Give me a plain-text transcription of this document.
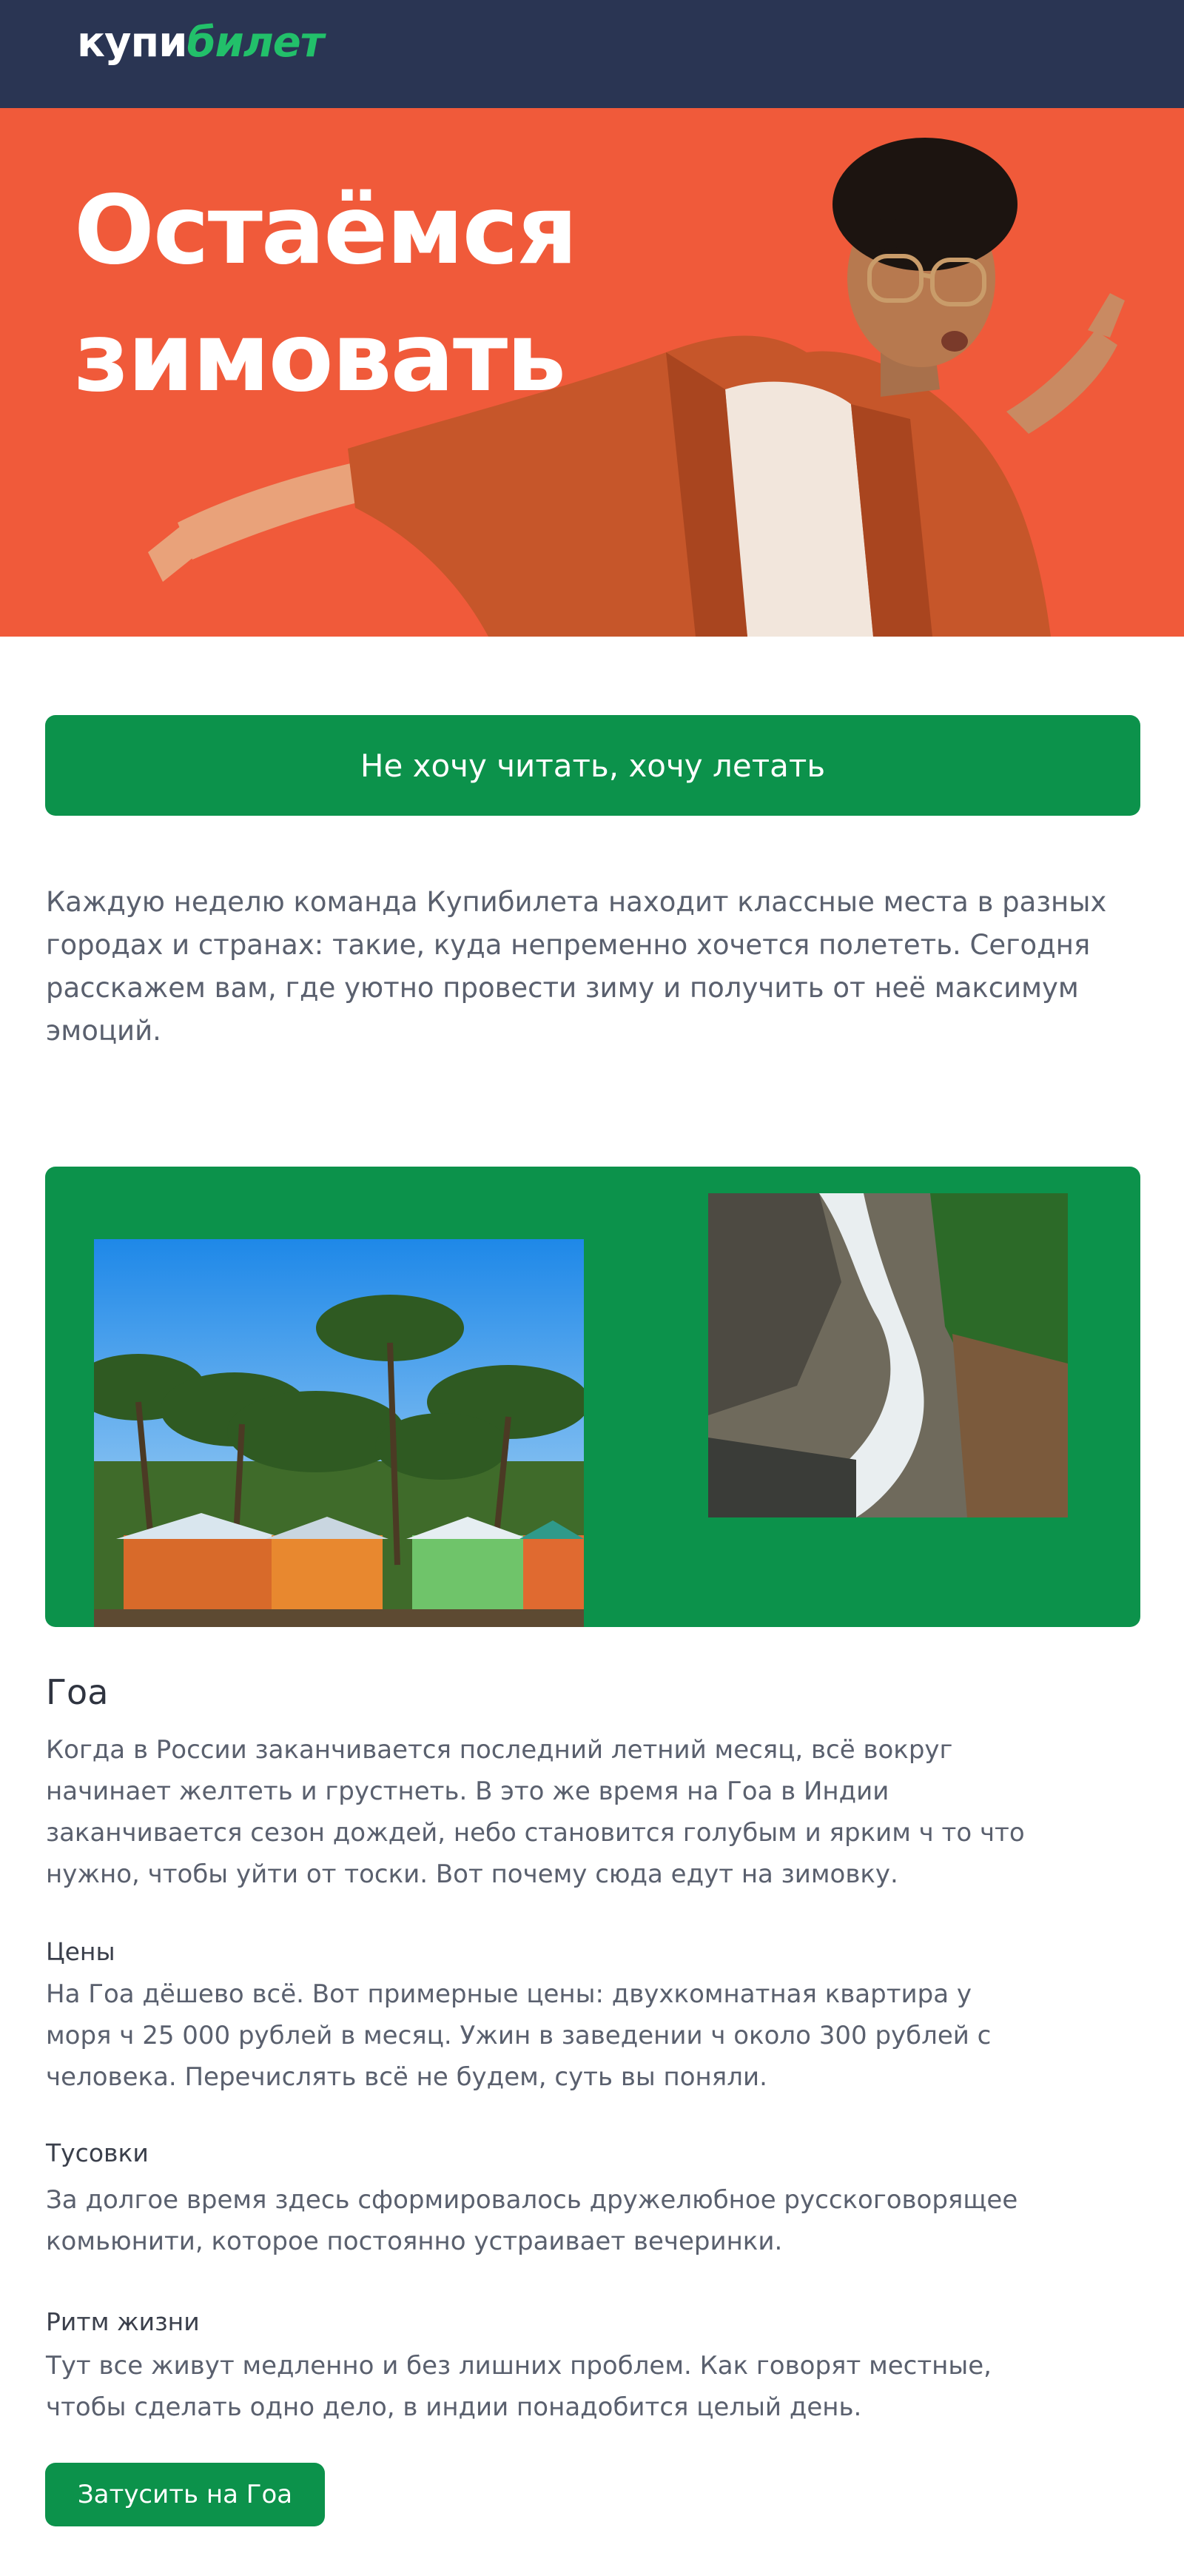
купибилет
Остаёмся
зимовать
Не хочу читать, хочу летать

Каждую неделю команда Купибилета находит классные места в разных городах и странах: такие, куда непременно хочется полететь. Сегодня расскажем вам, где уютно провести зиму и получить от неё максимум эмоций.

Гоа

Когда в России заканчивается последний летний месяц, всё вокруг начинает желтеть и грустнеть. В это же время на Гоа в Индии заканчивается сезон дождей, небо становится голубым и ярким ч то что нужно, чтобы уйти от тоски. Вот почему сюда едут на зимовку.

Цены

На Гоа дёшево всё. Вот примерные цены: двухкомнатная квартира у моря ч 25 000 рублей в месяц. Ужин в заведении ч около 300 рублей с человека. Перечислять всё не будем, суть вы поняли.

Тусовки

За долгое время здесь сформировалось дружелюбное русскоговорящее комьюнити, которое постоянно устраивает вечеринки.

Ритм жизни

Тут все живут медленно и без лишних проблем. Как говорят местные, чтобы сделать одно дело, в индии понадобится целый день.

Затусить на Гоа
